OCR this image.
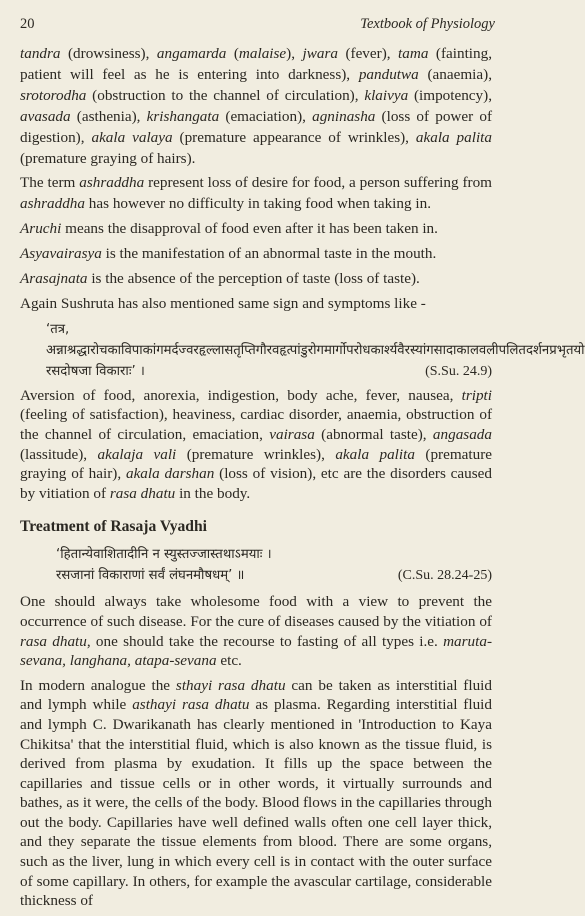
20	Textbook of Physiology

tandra (drowsiness), angamarda (malaise), jwara (fever), tama (fainting, patient will feel as he is entering into darkness), pandutwa (anaemia), srotorodha (obstruction to the channel of circulation), klaivya (impotency), avasada (asthenia), krishangata (emaciation), agninasha (loss of power of digestion), akala valaya (premature appearance of wrinkles), akala palita (premature graying of hairs).

The term ashraddha represent loss of desire for food, a person suffering from ashraddha has however no difficulty in taking food when taking in.

Aruchi means the disapproval of food even after it has been taken in.

Asyavairasya is the manifestation of an abnormal taste in the mouth.

Arasajnata is the absence of the perception of taste (loss of taste).

Again Sushruta has also mentioned same sign and symptoms like -

‘तत्र, अन्नाश्रद्धारोचकाविपाकांगमर्दज्वरहृल्लासतृप्तिगौरवहृत्पांडुरोगमार्गोपरोधकार्श्यवैरस्यांगसादाकालवलीपलितदर्शनप्रभृतयो रसदोषजा विकाराः’ ।	(S.Su. 24.9)

Aversion of food, anorexia, indigestion, body ache, fever, nausea, tripti (feeling of satisfaction), heaviness, cardiac disorder, anaemia, obstruction of the channel of circulation, emaciation, vairasa (abnormal taste), angasada (lassitude), akalaja vali (premature wrinkles), akala palita (premature graying of hair), akala darshan (loss of vision), etc are the disorders caused by vitiation of rasa dhatu in the body.

Treatment of Rasaja Vyadhi
‘हितान्येवाशितादीनि न स्युस्तज्जास्तथाऽमयाः ।
रसजानां विकाराणां सर्वं लंघनमौषधम्’ ॥	(C.Su. 28.24-25)

One should always take wholesome food with a view to prevent the occurrence of such disease. For the cure of diseases caused by the vitiation of rasa dhatu, one should take the recourse to fasting of all types i.e. maruta-sevana, langhana, atapa-sevana etc.

In modern analogue the sthayi rasa dhatu can be taken as interstitial fluid and lymph while asthayi rasa dhatu as plasma. Regarding interstitial fluid and lymph C. Dwarikanath has clearly mentioned in 'Introduction to Kaya Chikitsa' that the interstitial fluid, which is also known as the tissue fluid, is derived from plasma by exudation. It fills up the space between the capillaries and tissue cells or in other words, it virtually surrounds and bathes, as it were, the cells of the body. Blood flows in the capillaries through out the body. Capillaries have well defined walls often one cell layer thick, and they separate the tissue elements from blood. There are some organs, such as the liver, lung in which every cell is in contact with the outer surface of some capillary. In others, for example the avascular cartilage, considerable thickness of
